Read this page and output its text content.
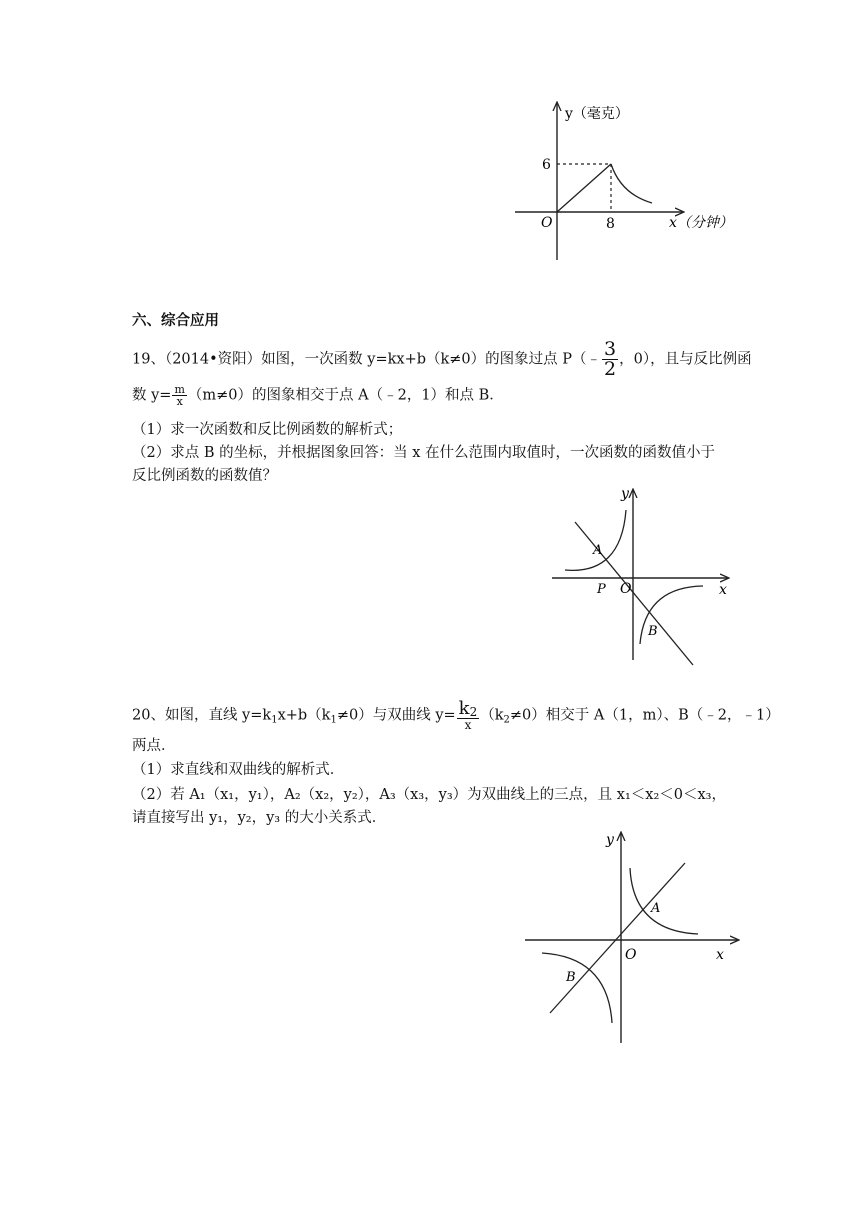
y（毫克）
x（分钟）
O
6
8
六、综合应用
19、（2014•资阳）如图，一次函数 y=kx+b（k≠0）的图象过点 P（﹣ $\frac{3}{2}$ ，0），且与反比例函
数 $y= \frac{m}{x} (m\ne 0)$的图象相交于点 A（﹣2，1）和点 B．
（1）求一次函数和反比例函数的解析式；
（2）求点 B 的坐标，并根据图象回答：当 x 在什么范围内取值时，一次函数的函数值小于
反比例函数的函数值？
y
x
O
A
P
B
20、如图，直线 $y=k_1x+b(k_1\ne 0)$与双曲线 $y= \frac{k2}{x} (k_2\ne 0)$相交于 A（1，m）、B（﹣2，﹣1）
两点．
（1）求直线和双曲线的解析式．
（2）若 A₁（x₁，y₁），A₂（x₂，y₂），A₃（x₃，y₃）为双曲线上的三点，且 x₁＜x₂＜0＜x₃，
请直接写出 y₁，y₂，y₃ 的大小关系式．
y
x
O
A
B
